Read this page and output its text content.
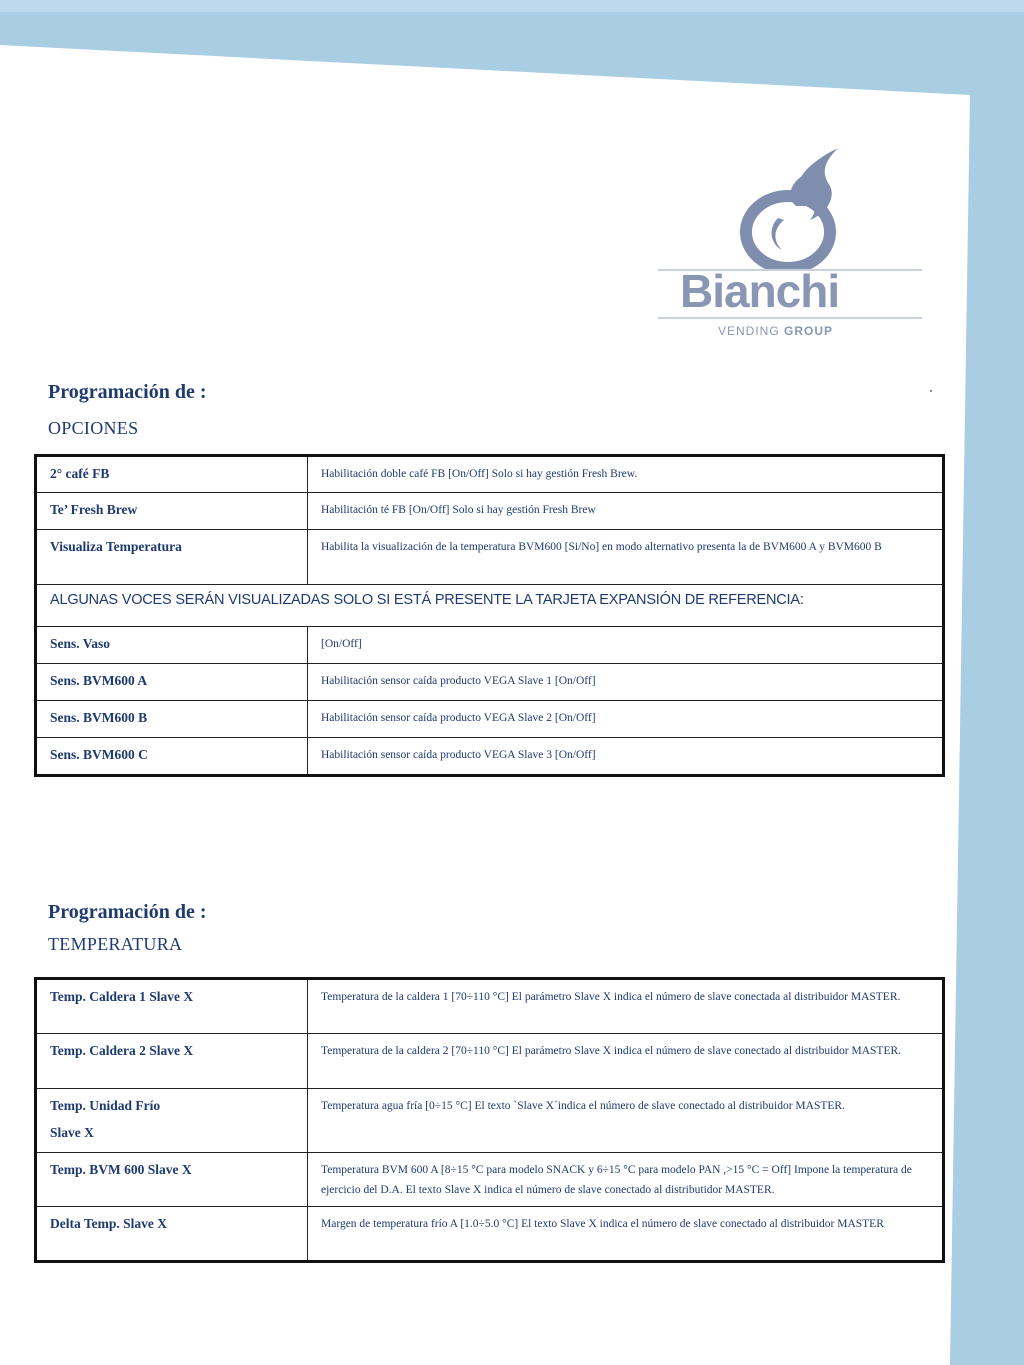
Bianchi
VENDING GROUP
Programación de :
OPCIONES
2° café FB	Habilitación doble café FB [On/Off] Solo si hay gestión Fresh Brew.
Te’ Fresh Brew	Habilitación té FB [On/Off] Solo si hay gestión Fresh Brew
Visualiza Temperatura	Habilita la visualización de la temperatura BVM600 [Si/No] en modo alternativo presenta la de BVM600 A y BVM600 B
ALGUNAS VOCES SERÁN VISUALIZADAS SOLO SI ESTÁ PRESENTE LA TARJETA EXPANSIÓN DE REFERENCIA:	
Sens. Vaso	[On/Off]
Sens. BVM600 A	Habilitación sensor caída producto VEGA Slave 1 [On/Off]
Sens. BVM600 B	Habilitación sensor caída producto VEGA Slave 2 [On/Off]
Sens. BVM600 C	Habilitación sensor caída producto VEGA Slave 3 [On/Off]
Programación de :
TEMPERATURA
Temp. Caldera 1 Slave X	Temperatura de la caldera 1 [70÷110 °C] El parámetro Slave X indica el número de slave conectada al distribuidor MASTER.
Temp. Caldera 2 Slave X	Temperatura de la caldera 2 [70÷110 °C] El parámetro Slave X indica el número de slave conectado al distribuidor MASTER.

Temp. Unidad Frío
Slave X	Temperatura agua fría [0÷15 °C] El texto `Slave X´indica el número de slave conectado al distribuidor MASTER.
Temp. BVM 600 Slave X	Temperatura BVM 600 A [8÷15 °C para modelo SNACK y 6÷15 °C para modelo PAN ,>15 °C = Off] Impone la temperatura de ejercicio del D.A. El texto Slave X indica el número de slave conectado al distributidor MASTER.
Delta Temp. Slave X	Margen de temperatura frío A [1.0÷5.0 °C] El texto Slave X indica el número de slave conectado al distribuidor MASTER
